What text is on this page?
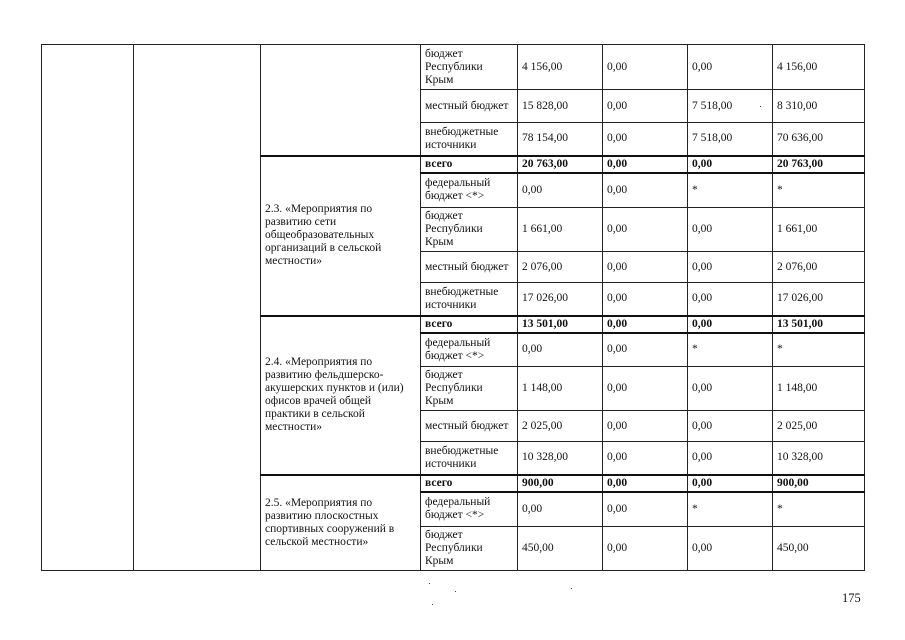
			бюджет Республики Крым	4 156,00	0,00	0,00	4 156,00
			местный бюджет	15 828,00	0,00	7 518,00	8 310,00
			внебюджетные источники	78 154,00	0,00	7 518,00	70 636,00
		2.3. «Мероприятия по развитию сети общеобразовательных организаций в сельской местности»	всего	20 763,00	0,00	0,00	20 763,00
			федеральный бюджет <*>	0,00	0,00	*	*
			бюджет Республики Крым	1 661,00	0,00	0,00	1 661,00
			местный бюджет	2 076,00	0,00	0,00	2 076,00
			внебюджетные источники	17 026,00	0,00	0,00	17 026,00
		2.4. «Мероприятия по развитию фельдшерско-акушерских пунктов и (или) офисов врачей общей практики в сельской местности»	всего	13 501,00	0,00	0,00	13 501,00
			федеральный бюджет <*>	0,00	0,00	*	*
			бюджет Республики Крым	1 148,00	0,00	0,00	1 148,00
			местный бюджет	2 025,00	0,00	0,00	2 025,00
			внебюджетные источники	10 328,00	0,00	0,00	10 328,00
		2.5. «Мероприятия по развитию плоскостных спортивных сооружений в сельской местности»	всего	900,00	0,00	0,00	900,00
			федеральный бюджет <*>	0,00	0,00	*	*
			бюджет Республики Крым	450,00	0,00	0,00	450,00
175
